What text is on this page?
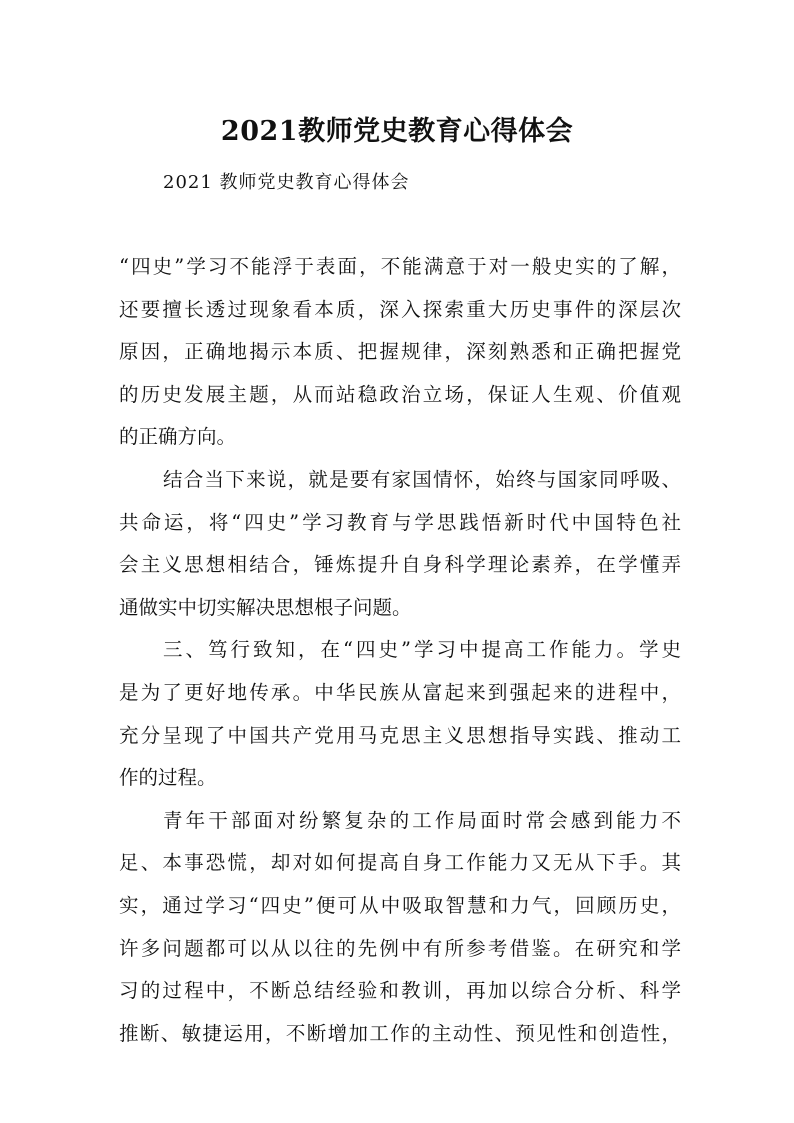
2021教师党史教育心得体会
2021 教师党史教育心得体会
“四史”学习不能浮于表面，不能满意于对一般史实的了解，
还要擅长透过现象看本质，深入探索重大历史事件的深层次
原因，正确地揭示本质、把握规律，深刻熟悉和正确把握党
的历史发展主题，从而站稳政治立场，保证人生观、价值观
的正确方向。
结合当下来说，就是要有家国情怀，始终与国家同呼吸、
共命运，将“四史”学习教育与学思践悟新时代中国特色社
会主义思想相结合，锤炼提升自身科学理论素养，在学懂弄
通做实中切实解决思想根子问题。
三、笃行致知，在“四史”学习中提高工作能力。学史
是为了更好地传承。中华民族从富起来到强起来的进程中，
充分呈现了中国共产党用马克思主义思想指导实践、推动工
作的过程。
青年干部面对纷繁复杂的工作局面时常会感到能力不
足、本事恐慌，却对如何提高自身工作能力又无从下手。其
实，通过学习“四史”便可从中吸取智慧和力气，回顾历史，
许多问题都可以从以往的先例中有所参考借鉴。在研究和学
习的过程中，不断总结经验和教训，再加以综合分析、科学
推断、敏捷运用，不断增加工作的主动性、预见性和创造性，
